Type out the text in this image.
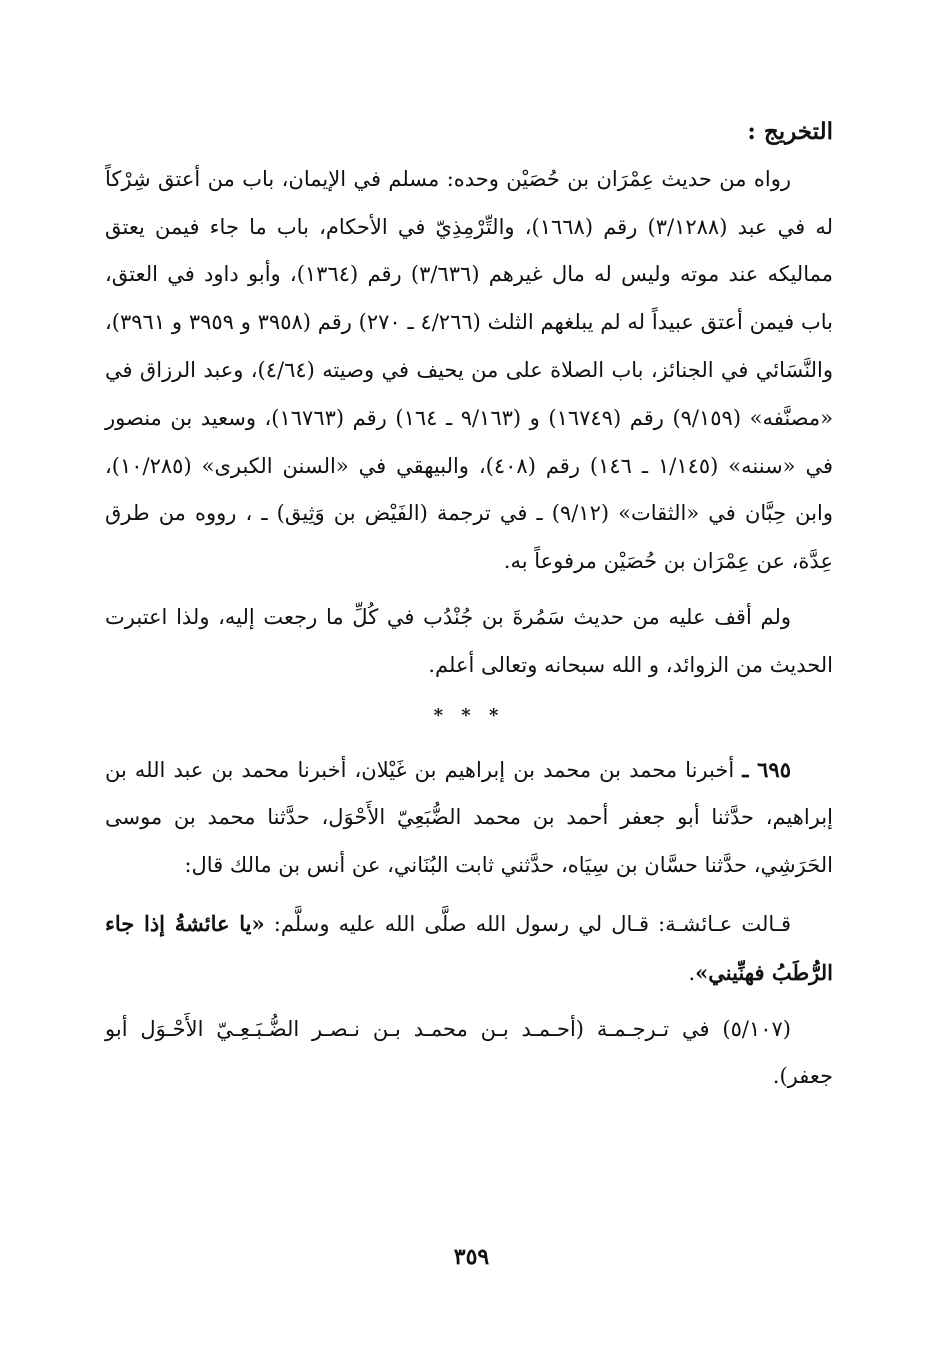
التخريج :

رواه من حديث عِمْرَان بن حُصَيْن وحده: مسلم في الإيمان، باب من أعتق شِرْكاً له في عبد (٣/١٢٨٨) رقم (١٦٦٨)، والتِّرْمِذِيّ في الأحكام، باب ما جاء فيمن يعتق مماليكه عند موته وليس له مال غيرهم (٣/٦٣٦) رقم (١٣٦٤)، وأبو داود في العتق، باب فيمن أعتق عبيداً له لم يبلغهم الثلث (٤/٢٦٦ ـ ٢٧٠) رقم (٣٩٥٨ و ٣٩٥٩ و ٣٩٦١)، والنَّسَائي في الجنائز، باب الصلاة على من يحيف في وصيته (٤/٦٤)، وعبد الرزاق في «مصنَّفه» (٩/١٥٩) رقم (١٦٧٤٩) و (٩/١٦٣ ـ ١٦٤) رقم (١٦٧٦٣)، وسعيد بن منصور في «سننه» (١/١٤٥ ـ ١٤٦) رقم (٤٠٨)، والبيهقي في «السنن الكبرى» (١٠/٢٨٥)، وابن حِبَّان في «الثقات» (٩/١٢) ـ في ترجمة (الفَيْض بن وَثِيق) ـ ، رووه من طرق عِدَّة، عن عِمْرَان بن حُصَيْن مرفوعاً به.

ولم أقف عليه من حديث سَمُرةَ بن جُنْدُب في كُلِّ ما رجعت إليه، ولذا اعتبرت الحديث من الزوائد، و الله سبحانه وتعالى أعلم.

* * *

٦٩٥ ـ أخبرنا محمد بن محمد بن إبراهيم بن غَيْلان، أخبرنا محمد بن عبد الله بن إبراهيم، حدَّثنا أبو جعفر أحمد بن محمد الضُّبَعِيّ الأَحْوَل، حدَّثنا محمد بن موسى الحَرَشِي، حدَّثنا حسَّان بن سِيَاه، حدَّثني ثابت البُنَاني، عن أنس بن مالك قال:

قـالت عـائشـة: قـال لي رسول الله صلَّى الله عليه وسلَّم: «يا عائشةُ إذا جاء الرُّطَبُ فهنِّيني».

(٥/١٠٧) في تـرجـمـة (أحـمـد بـن محمـد بـن نـصـر الضُّـبَـعِـيّ الأَحْـوَل أبو جعفر).

٣٥٩
